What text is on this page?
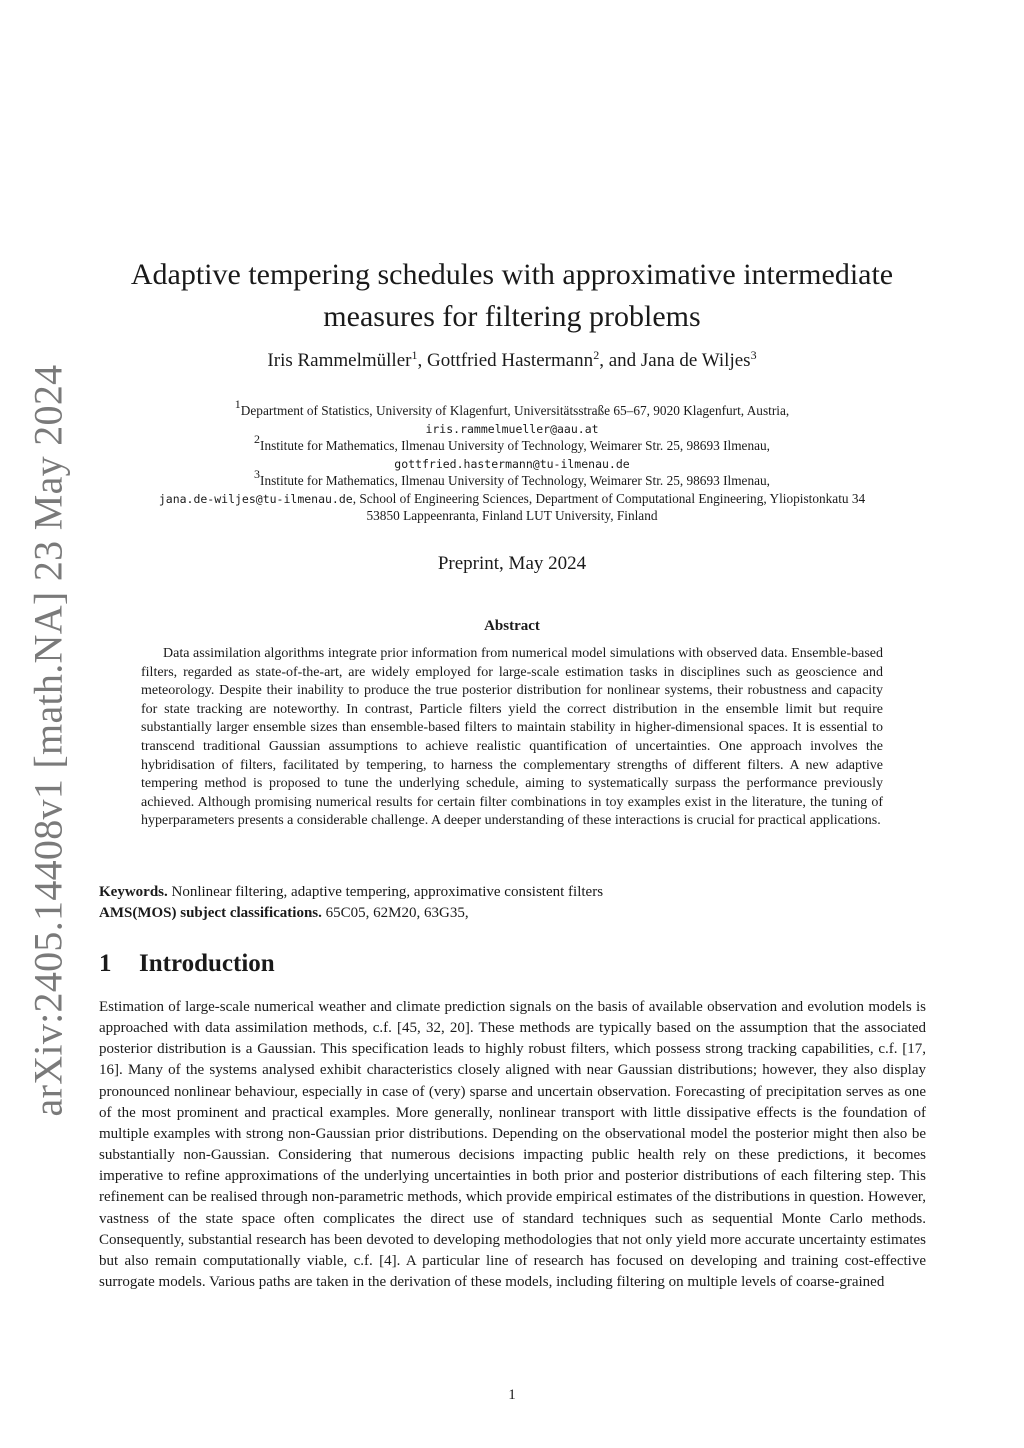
arXiv:2405.14408v1 [math.NA] 23 May 2024
Adaptive tempering schedules with approximative intermediate
measures for filtering problems
Iris Rammelmüller$^1$, Gottfried Hastermann$^2$, and Jana de Wiljes$^3$
$^1$Department of Statistics, University of Klagenfurt, Universitätsstraße 65–67, 9020 Klagenfurt, Austria,
iris.rammelmueller@aau.at
$^2$Institute for Mathematics, Ilmenau University of Technology, Weimarer Str. 25, 98693 Ilmenau,
gottfried.hastermann@tu-ilmenau.de
$^3$Institute for Mathematics, Ilmenau University of Technology, Weimarer Str. 25, 98693 Ilmenau,
jana.de-wiljes@tu-ilmenau.de, School of Engineering Sciences, Department of Computational Engineering, Yliopistonkatu 34
53850 Lappeenranta, Finland LUT University, Finland
Preprint, May 2024
Abstract

Data assimilation algorithms integrate prior information from numerical model simulations with observed data. Ensemble-based filters, regarded as state-of-the-art, are widely employed for large-scale estimation tasks in disciplines such as geoscience and meteorology. Despite their inability to produce the true posterior distribution for nonlinear systems, their robustness and capacity for state tracking are noteworthy. In contrast, Particle filters yield the correct distribution in the ensemble limit but require substantially larger ensemble sizes than ensemble-based filters to maintain stability in higher-dimensional spaces. It is essential to transcend traditional Gaussian assumptions to achieve realistic quantification of uncertainties. One approach involves the hybridisation of filters, facilitated by tempering, to harness the complementary strengths of different filters. A new adaptive tempering method is proposed to tune the underlying schedule, aiming to systematically surpass the performance previously achieved. Although promising numerical results for certain filter combinations in toy examples exist in the literature, the tuning of hyperparameters presents a considerable challenge. A deeper understanding of these interactions is crucial for practical applications.

Keywords. Nonlinear filtering, adaptive tempering, approximative consistent filters
AMS(MOS) subject classifications. 65C05, 62M20, 63G35,
1 Introduction

Estimation of large-scale numerical weather and climate prediction signals on the basis of available observation and evolution models is approached with data assimilation methods, c.f. [45, 32, 20]. These methods are typically based on the assumption that the associated posterior distribution is a Gaussian. This specification leads to highly robust filters, which possess strong tracking capabilities, c.f. [17, 16]. Many of the systems analysed exhibit characteristics closely aligned with near Gaussian distributions; however, they also display pronounced nonlinear behaviour, especially in case of (very) sparse and uncertain observation. Forecasting of precipitation serves as one of the most prominent and practical examples. More generally, nonlinear transport with little dissipative effects is the foundation of multiple examples with strong non-Gaussian prior distributions. Depending on the observational model the posterior might then also be substantially non-Gaussian. Considering that numerous decisions impacting public health rely on these predictions, it becomes imperative to refine approximations of the underlying uncertainties in both prior and posterior distributions of each filtering step. This refinement can be realised through non-parametric methods, which provide empirical estimates of the distributions in question. However, vastness of the state space often complicates the direct use of standard techniques such as sequential Monte Carlo methods. Consequently, substantial research has been devoted to developing methodologies that not only yield more accurate uncertainty estimates but also remain computationally viable, c.f. [4]. A particular line of research has focused on developing and training cost-effective surrogate models. Various paths are taken in the derivation of these models, including filtering on multiple levels of coarse-grained

1
